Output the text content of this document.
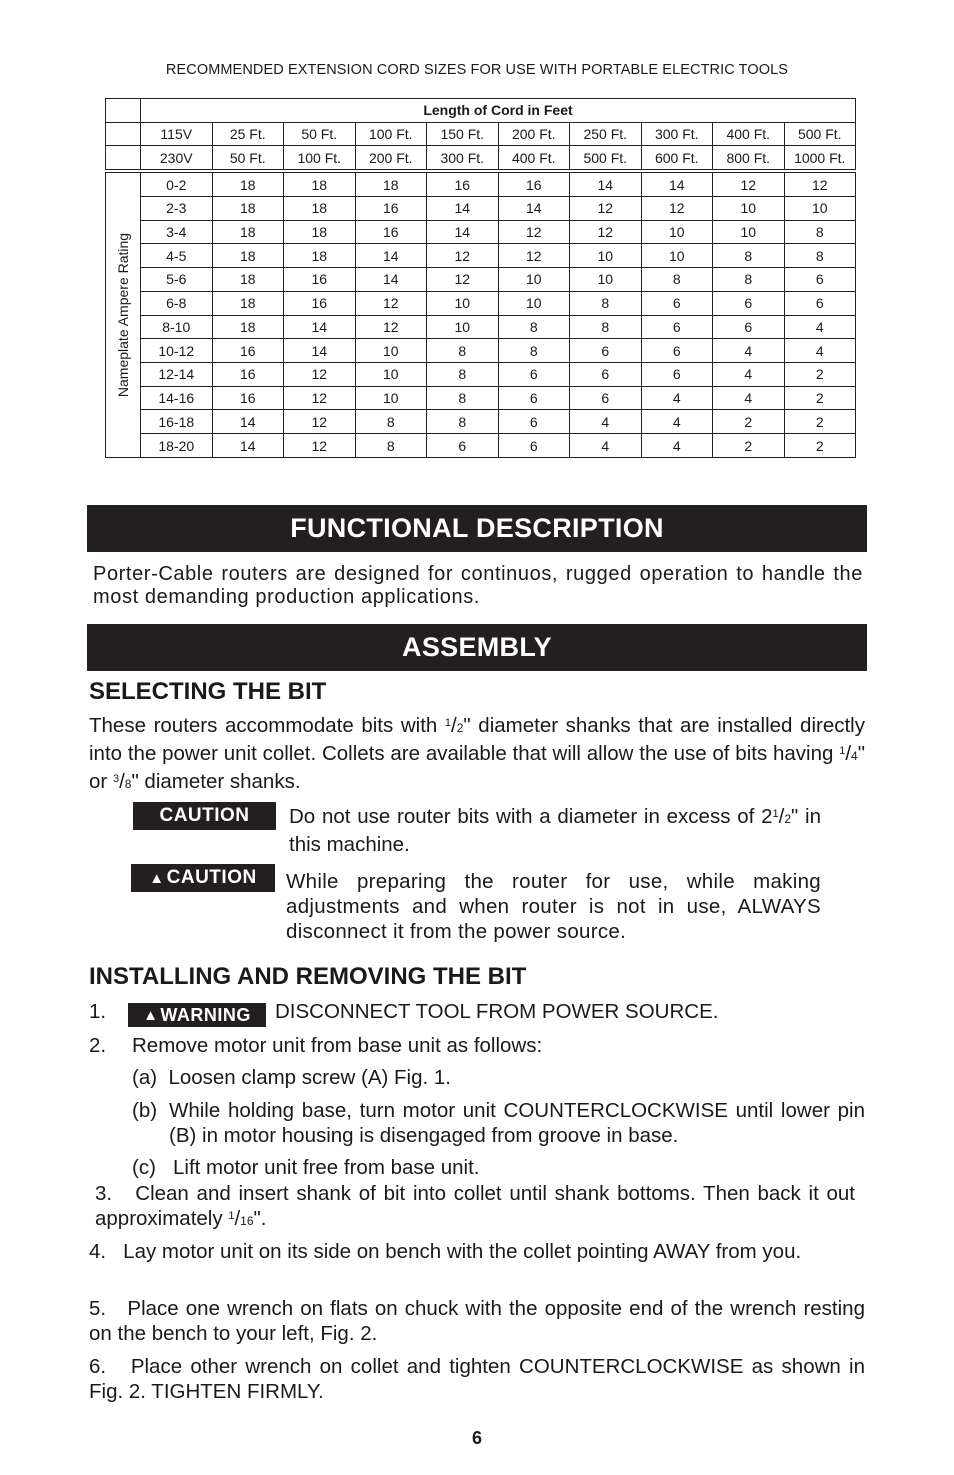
RECOMMENDED EXTENSION CORD SIZES FOR USE WITH PORTABLE ELECTRIC TOOLS
	Length of Cord in Feet									
	115V	25 Ft.	50 Ft.	100 Ft.	150 Ft.	200 Ft.	250 Ft.	300 Ft.	400 Ft.	500 Ft.
	230V	50 Ft.	100 Ft.	200 Ft.	300 Ft.	400 Ft.	500 Ft.	600 Ft.	800 Ft.	1000 Ft.

Nameplate Ampere Rating	0-2	18	18	18	16	16	14	14	12	12
	2-3	18	18	16	14	14	12	12	10	10
	3-4	18	18	16	14	12	12	10	10	8
	4-5	18	18	14	12	12	10	10	8	8
	5-6	18	16	14	12	10	10	8	8	6
	6-8	18	16	12	10	10	8	6	6	6
	8-10	18	14	12	10	8	8	6	6	4
	10-12	16	14	10	8	8	6	6	4	4
	12-14	16	12	10	8	6	6	6	4	2
	14-16	16	12	10	8	6	6	4	4	2
	16-18	14	12	8	8	6	4	4	2	2
	18-20	14	12	8	6	6	4	4	2	2
FUNCTIONAL DESCRIPTION
Porter-Cable routers are designed for continuos, rugged operation to handle the most demanding production applications.
ASSEMBLY
SELECTING THE BIT
These routers accommodate bits with $^1$/2" diameter shanks that are installed directly into the power unit collet. Collets are available that will allow the use of bits having $^1$/4" or $^3$/8" diameter shanks.
CAUTION Do not use router bits with a diameter in excess of $2^1/2$" in this machine.
▲ CAUTION While preparing the router for use, while making adjustments and when router is not in use, ALWAYS disconnect it from the power source.
INSTALLING AND REMOVING THE BIT
1. ▲ WARNING DISCONNECT TOOL FROM POWER SOURCE.
2. Remove motor unit from base unit as follows:
(a)  Loosen clamp screw (A) Fig. 1.
(b) While holding base, turn motor unit COUNTERCLOCKWISE until lower pin (B) in motor housing is disengaged from groove in base.
(c)   Lift motor unit free from base unit.
3.   Clean and insert shank of bit into collet until shank bottoms. Then back it out approximately $^1$/16".
4.   Lay motor unit on its side on bench with the collet pointing AWAY from you.
5.   Place one wrench on flats on chuck with the opposite end of the wrench resting on the bench to your left, Fig. 2.
6.   Place other wrench on collet and tighten COUNTERCLOCKWISE as shown in Fig. 2. TIGHTEN FIRMLY.
6
